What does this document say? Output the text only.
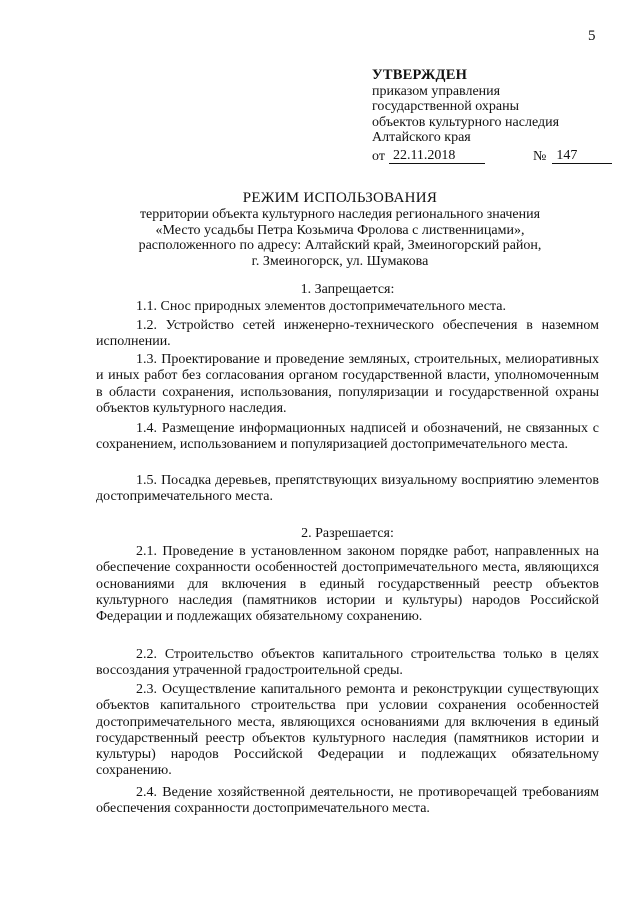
5
УТВЕРЖДЕН
приказом управления
государственной охраны
объектов культурного наследия
Алтайского края
от 22.11.2018	№ 147
РЕЖИМ ИСПОЛЬЗОВАНИЯ
территории объекта культурного наследия регионального значения
«Место усадьбы Петра Козьмича Фролова с лиственницами»,
расположенного по адресу: Алтайский край, Змеиногорский район,
г. Змеиногорск, ул. Шумакова
1. Запрещается:
1.1. Снос природных элементов достопримечательного места.
1.2. Устройство сетей инженерно-технического обеспечения в наземном исполнении.
1.3. Проектирование и проведение земляных, строительных, мелиоративных и иных работ без согласования органом государственной власти, уполномоченным в области сохранения, использования, популяризации и государственной охраны объектов культурного наследия.
1.4. Размещение информационных надписей и обозначений, не связанных с сохранением, использованием и популяризацией достопримечательного места.
1.5. Посадка деревьев, препятствующих визуальному восприятию элементов достопримечательного места.
2. Разрешается:
2.1. Проведение в установленном законом порядке работ, направленных на обеспечение сохранности особенностей достопримечательного места, являющихся основаниями для включения в единый государственный реестр объектов культурного наследия (памятников истории и культуры) народов Российской Федерации и подлежащих обязательному сохранению.
2.2. Строительство объектов капитального строительства только в целях воссоздания утраченной градостроительной среды.
2.3. Осуществление капитального ремонта и реконструкции существующих объектов капитального строительства при условии сохранения особенностей достопримечательного места, являющихся основаниями для включения в единый государственный реестр объектов культурного наследия (памятников истории и культуры) народов Российской Федерации и подлежащих обязательному сохранению.
2.4. Ведение хозяйственной деятельности, не противоречащей требованиям обеспечения сохранности достопримечательного места.
